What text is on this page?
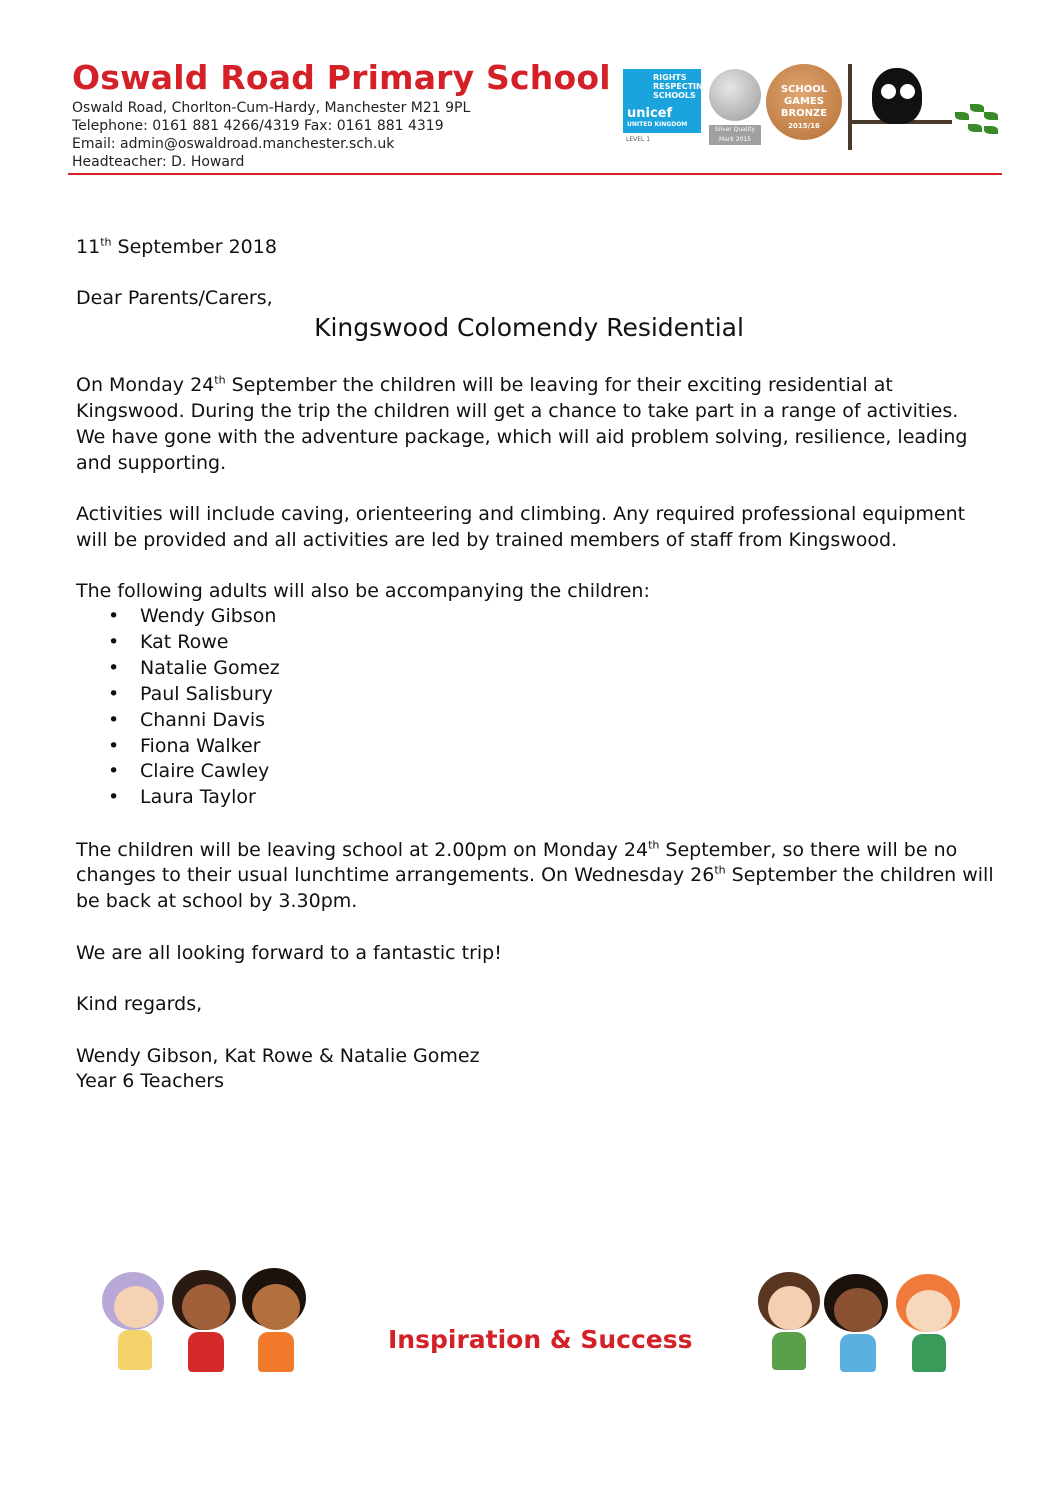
Oswald Road Primary School
Oswald Road, Chorlton-Cum-Hardy, Manchester M21 9PL
Telephone: 0161 881 4266/4319 Fax: 0161 881 4319
Email: admin@oswaldroad.manchester.sch.uk
Headteacher: D. Howard
RIGHTS
RESPECTING
SCHOOLS
unicef
UNITED KINGDOM
LEVEL 1
Silver Quality Mark 2015
SCHOOL
GAMES
BRONZE
2015/16
11th September 2018
Dear Parents/Carers,
Kingswood Colomendy Residential
On Monday 24th September the children will be leaving for their exciting residential at
Kingswood. During the trip the children will get a chance to take part in a range of activities.
We have gone with the adventure package, which will aid problem solving, resilience, leading
and supporting.
Activities will include caving, orienteering and climbing. Any required professional equipment
will be provided and all activities are led by trained members of staff from Kingswood.
The following adults will also be accompanying the children:
• Wendy Gibson
• Kat Rowe
• Natalie Gomez
• Paul Salisbury
• Channi Davis
• Fiona Walker
• Claire Cawley
• Laura Taylor
The children will be leaving school at 2.00pm on Monday 24th September, so there will be no
changes to their usual lunchtime arrangements. On Wednesday 26th September the children will
be back at school by 3.30pm.
We are all looking forward to a fantastic trip!
Kind regards,
Wendy Gibson, Kat Rowe & Natalie Gomez
Year 6 Teachers
Inspiration & Success
